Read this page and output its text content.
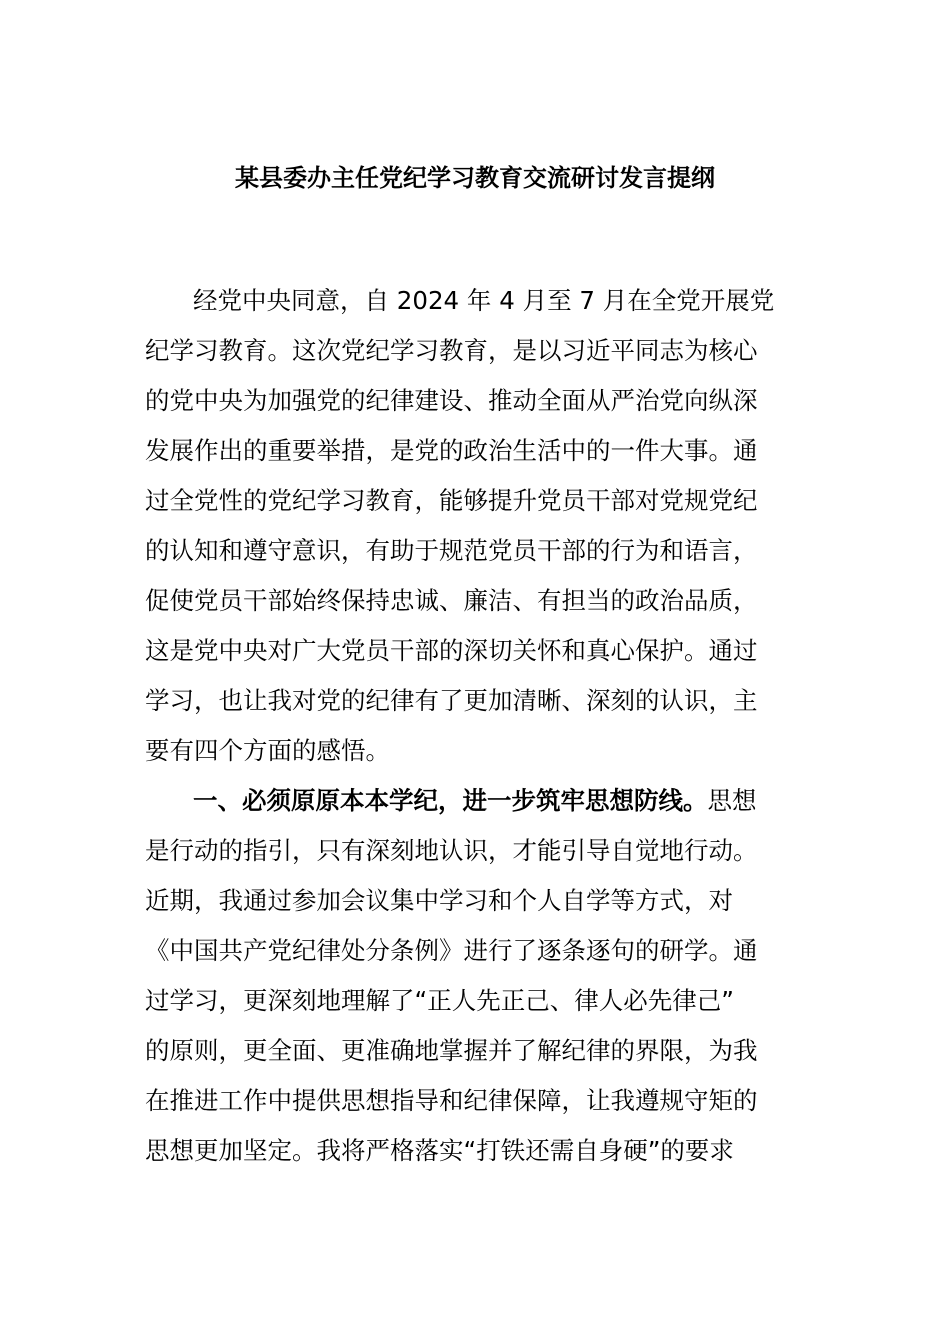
某县委办主任党纪学习教育交流研讨发言提纲
经党中央同意，自 2024 年 4 月至 7 月在全党开展党
纪学习教育。这次党纪学习教育，是以习近平同志为核心
的党中央为加强党的纪律建设、推动全面从严治党向纵深
发展作出的重要举措，是党的政治生活中的一件大事。通
过全党性的党纪学习教育，能够提升党员干部对党规党纪
的认知和遵守意识，有助于规范党员干部的行为和语言，
促使党员干部始终保持忠诚、廉洁、有担当的政治品质，
这是党中央对广大党员干部的深切关怀和真心保护。通过
学习，也让我对党的纪律有了更加清晰、深刻的认识，主
要有四个方面的感悟。
一、必须原原本本学纪，进一步筑牢思想防线。思想
是行动的指引，只有深刻地认识，才能引导自觉地行动。
近期，我通过参加会议集中学习和个人自学等方式，对
《中国共产党纪律处分条例》进行了逐条逐句的研学。通
过学习，更深刻地理解了“正人先正己、律人必先律己”
的原则，更全面、更准确地掌握并了解纪律的界限，为我
在推进工作中提供思想指导和纪律保障，让我遵规守矩的
思想更加坚定。我将严格落实“打铁还需自身硬”的要求
